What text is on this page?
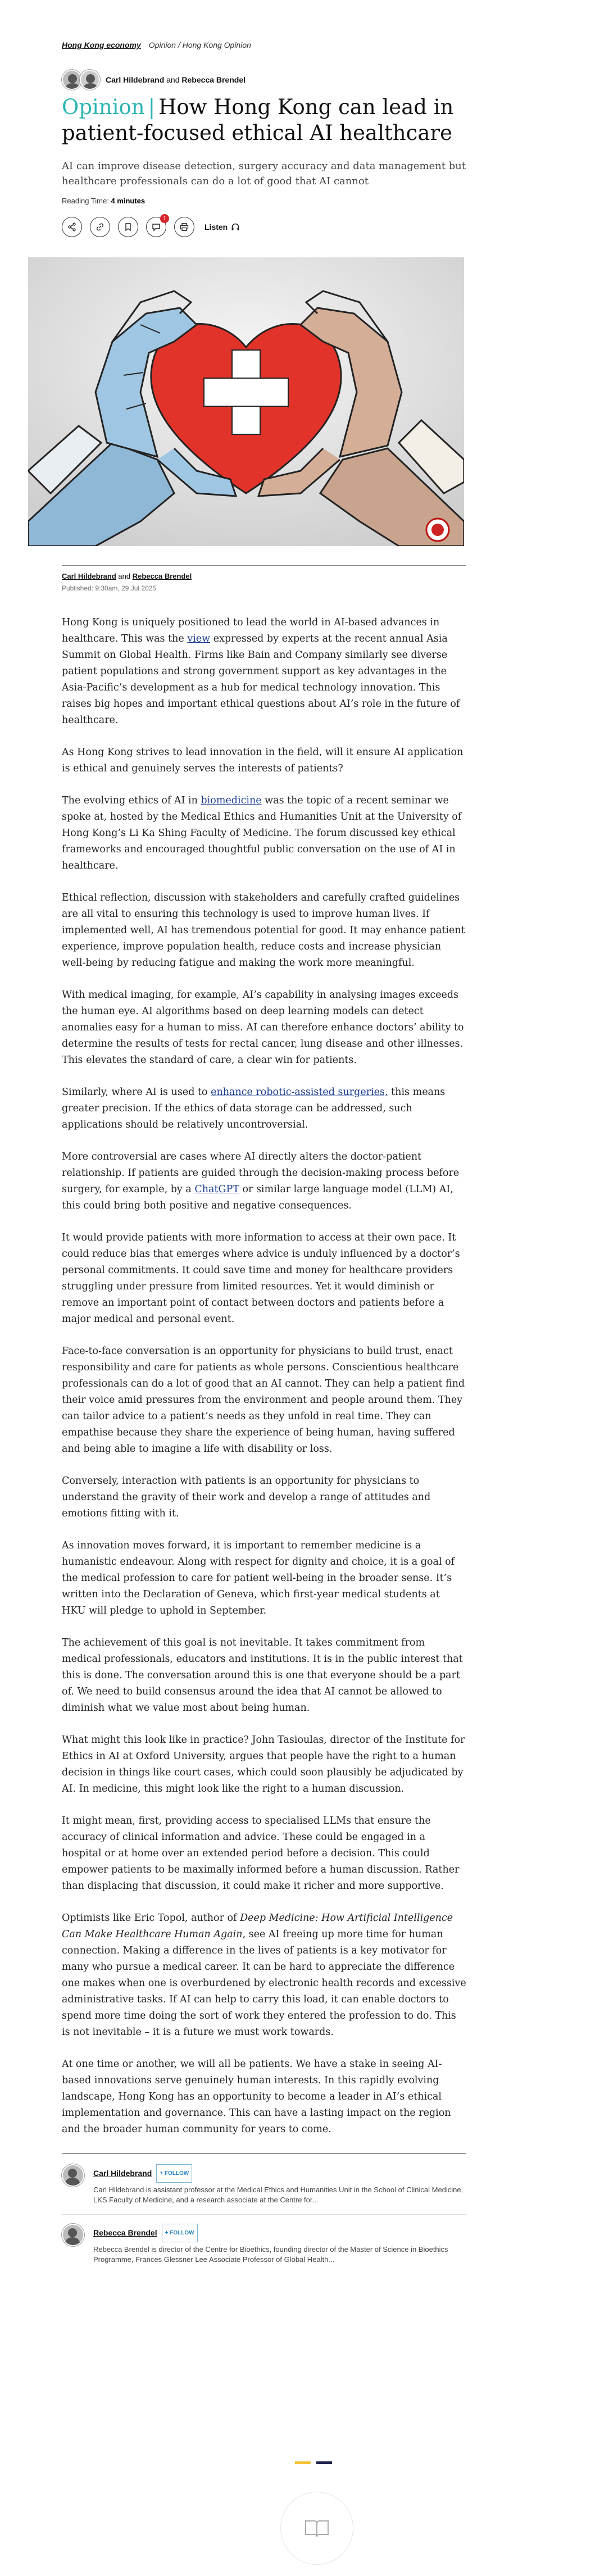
Hong Kong economy Opinion / Hong Kong Opinion
Carl Hildebrand and Rebecca Brendel
Opinion | How Hong Kong can lead in patient-focused ethical AI healthcare

AI can improve disease detection, surgery accuracy and data management but healthcare professionals can do a lot of good that AI cannot

Reading Time: 4 minutes
1
Listen
Carl Hildebrand and Rebecca Brendel
Published: 9:30am, 29 Jul 2025

Hong Kong is uniquely positioned to lead the world in AI-based advances in healthcare. This was the view expressed by experts at the recent annual Asia Summit on Global Health. Firms like Bain and Company similarly see diverse patient populations and strong government support as key advantages in the Asia-Pacific’s development as a hub for medical technology innovation. This raises big hopes and important ethical questions about AI’s role in the future of healthcare.

As Hong Kong strives to lead innovation in the field, will it ensure AI application is ethical and genuinely serves the interests of patients?

The evolving ethics of AI in biomedicine was the topic of a recent seminar we spoke at, hosted by the Medical Ethics and Humanities Unit at the University of Hong Kong’s Li Ka Shing Faculty of Medicine. The forum discussed key ethical frameworks and encouraged thoughtful public conversation on the use of AI in healthcare.

Ethical reflection, discussion with stakeholders and carefully crafted guidelines are all vital to ensuring this technology is used to improve human lives. If implemented well, AI has tremendous potential for good. It may enhance patient experience, improve population health, reduce costs and increase physician well-being by reducing fatigue and making the work more meaningful.

With medical imaging, for example, AI’s capability in analysing images exceeds the human eye. AI algorithms based on deep learning models can detect anomalies easy for a human to miss. AI can therefore enhance doctors’ ability to determine the results of tests for rectal cancer, lung disease and other illnesses. This elevates the standard of care, a clear win for patients.

Similarly, where AI is used to enhance robotic-assisted surgeries, this means greater precision. If the ethics of data storage can be addressed, such applications should be relatively uncontroversial.

More controversial are cases where AI directly alters the doctor-patient relationship. If patients are guided through the decision-making process before surgery, for example, by a ChatGPT or similar large language model (LLM) AI, this could bring both positive and negative consequences.

It would provide patients with more information to access at their own pace. It could reduce bias that emerges where advice is unduly influenced by a doctor’s personal commitments. It could save time and money for healthcare providers struggling under pressure from limited resources. Yet it would diminish or remove an important point of contact between doctors and patients before a major medical and personal event.

Face-to-face conversation is an opportunity for physicians to build trust, enact responsibility and care for patients as whole persons. Conscientious healthcare professionals can do a lot of good that an AI cannot. They can help a patient find their voice amid pressures from the environment and people around them. They can tailor advice to a patient’s needs as they unfold in real time. They can empathise because they share the experience of being human, having suffered and being able to imagine a life with disability or loss.

Conversely, interaction with patients is an opportunity for physicians to understand the gravity of their work and develop a range of attitudes and emotions fitting with it.

As innovation moves forward, it is important to remember medicine is a humanistic endeavour. Along with respect for dignity and choice, it is a goal of the medical profession to care for patient well-being in the broader sense. It’s written into the Declaration of Geneva, which first-year medical students at HKU will pledge to uphold in September.

The achievement of this goal is not inevitable. It takes commitment from medical professionals, educators and institutions. It is in the public interest that this is done. The conversation around this is one that everyone should be a part of. We need to build consensus around the idea that AI cannot be allowed to diminish what we value most about being human.

What might this look like in practice? John Tasioulas, director of the Institute for Ethics in AI at Oxford University, argues that people have the right to a human decision in things like court cases, which could soon plausibly be adjudicated by AI. In medicine, this might look like the right to a human discussion.

It might mean, first, providing access to specialised LLMs that ensure the accuracy of clinical information and advice. These could be engaged in a hospital or at home over an extended period before a decision. This could empower patients to be maximally informed before a human discussion. Rather than displacing that discussion, it could make it richer and more supportive.

Optimists like Eric Topol, author of Deep Medicine: How Artificial Intelligence Can Make Healthcare Human Again, see AI freeing up more time for human connection. Making a difference in the lives of patients is a key motivator for many who pursue a medical career. It can be hard to appreciate the difference one makes when one is overburdened by electronic health records and excessive administrative tasks. If AI can help to carry this load, it can enable doctors to spend more time doing the sort of work they entered the profession to do. This is not inevitable – it is a future we must work towards.

At one time or another, we will all be patients. We have a stake in seeing AI-based innovations serve genuinely human interests. In this rapidly evolving landscape, Hong Kong has an opportunity to become a leader in AI’s ethical implementation and governance. This can have a lasting impact on the region and the broader human community for years to come.

Carl Hildebrand + FOLLOW
Carl Hildebrand is assistant professor at the Medical Ethics and Humanities Unit in the School of Clinical Medicine, LKS Faculty of Medicine, and a research associate at the Centre for...
Rebecca Brendel + FOLLOW
Rebecca Brendel is director of the Centre for Bioethics, founding director of the Master of Science in Bioethics Programme, Frances Glessner Lee Associate Professor of Global Health...
